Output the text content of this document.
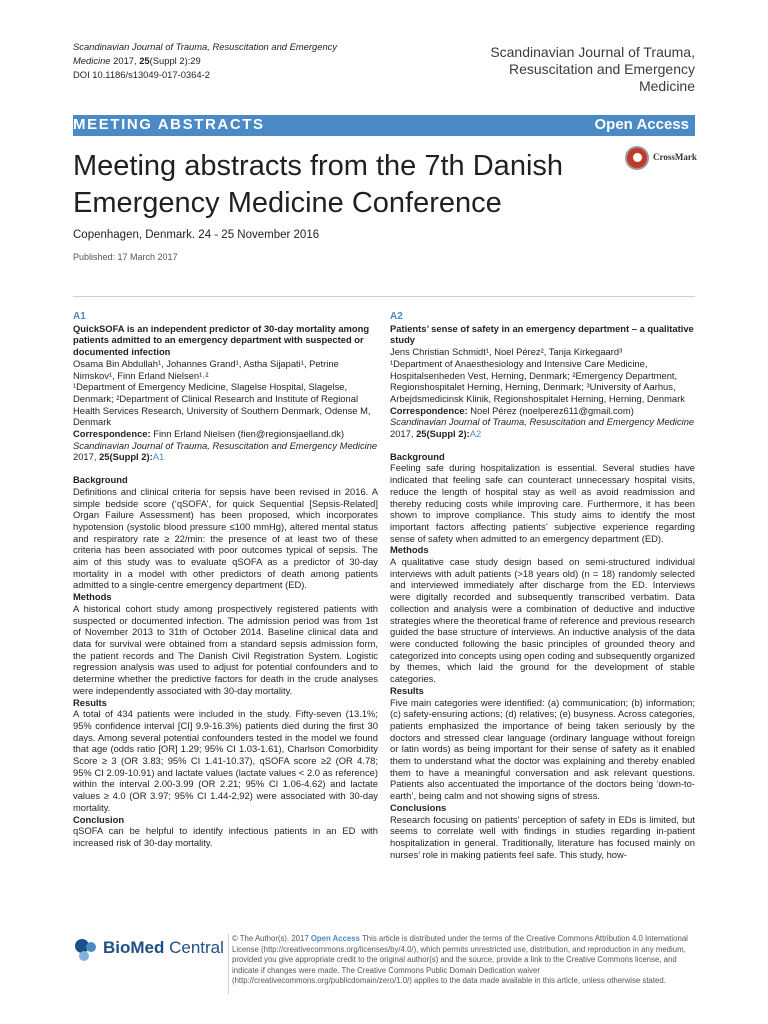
Scandinavian Journal of Trauma, Resuscitation and Emergency Medicine 2017, 25(Suppl 2):29
DOI 10.1186/s13049-017-0364-2
Scandinavian Journal of Trauma,
Resuscitation and Emergency Medicine
MEETING ABSTRACTS	Open Access
Meeting abstracts from the 7th Danish Emergency Medicine Conference
CrossMark
Copenhagen, Denmark. 24 - 25 November 2016
Published: 17 March 2017

A1

QuickSOFA is an independent predictor of 30-day mortality among patients admitted to an emergency department with suspected or documented infection

Osama Bin Abdullah¹, Johannes Grand¹, Astha Sijapati¹, Petrine Nimskov¹, Finn Erland Nielsen¹˒²

¹Department of Emergency Medicine, Slagelse Hospital, Slagelse, Denmark; ²Department of Clinical Research and Institute of Regional Health Services Research, University of Southern Denmark, Odense M, Denmark

Correspondence: Finn Erland Nielsen (fien@regionsjaelland.dk)

Scandinavian Journal of Trauma, Resuscitation and Emergency Medicine 2017, 25(Suppl 2):A1

Background

Definitions and clinical criteria for sepsis have been revised in 2016. A simple bedside score (‘qSOFA’, for quick Sequential [Sepsis-Related] Organ Failure Assessment) has been proposed, which incorporates hypotension (systolic blood pressure ≤100 mmHg), altered mental status and respiratory rate ≥ 22/min: the presence of at least two of these criteria has been associated with poor outcomes typical of sepsis. The aim of this study was to evaluate qSOFA as a predictor of 30-day mortality in a model with other predictors of death among patients admitted to a single-centre emergency department (ED).

Methods

A historical cohort study among prospectively registered patients with suspected or documented infection. The admission period was from 1st of November 2013 to 31th of October 2014. Baseline clinical data and data for survival were obtained from a standard sepsis admission form, the patient records and The Danish Civil Registration System. Logistic regression analysis was used to adjust for potential confounders and to determine whether the predictive factors for death in the crude analyses were independently associated with 30-day mortality.

Results

A total of 434 patients were included in the study. Fifty-seven (13.1%; 95% confidence interval [CI] 9.9-16.3%) patients died during the first 30 days. Among several potential confounders tested in the model we found that age (odds ratio [OR] 1.29; 95% CI 1.03-1.61), Charlson Comorbidity Score ≥ 3 (OR 3.83; 95% CI 1.41-10.37), qSOFA score ≥2 (OR 4.78; 95% CI 2.09-10.91) and lactate values (lactate values < 2.0 as reference) within the interval 2.00-3.99 (OR 2.21; 95% CI 1.06-4.62) and lactate values ≥ 4.0 (OR 3.97; 95% CI 1.44-2,92) were associated with 30-day mortality.

Conclusion

qSOFA can be helpful to identify infectious patients in an ED with increased risk of 30-day mortality.

A2

Patients’ sense of safety in an emergency department – a qualitative study

Jens Christian Schmidt¹, Noel Pérez², Tanja Kirkegaard³

¹Department of Anaesthesiology and Intensive Care Medicine, Hospitalsenheden Vest, Herning, Denmark; ²Emergency Department, Regionshospitalet Herning, Herning, Denmark; ³University of Aarhus, Arbejdsmedicinsk Klinik, Regionshospitalet Herning, Herning, Denmark

Correspondence: Noel Pérez (noelperez611@gmail.com)

Scandinavian Journal of Trauma, Resuscitation and Emergency Medicine 2017, 25(Suppl 2):A2

Background

Feeling safe during hospitalization is essential. Several studies have indicated that feeling safe can counteract unnecessary hospital visits, reduce the length of hospital stay as well as avoid readmission and thereby reducing costs while improving care. Furthermore, it has been shown to improve compliance. This study aims to identify the most important factors affecting patients’ subjective experience regarding sense of safety when admitted to an emergency department (ED).

Methods

A qualitative case study design based on semi-structured individual interviews with adult patients (>18 years old) (n = 18) randomly selected and interviewed immediately after discharge from the ED. Interviews were digitally recorded and subsequently transcribed verbatim. Data collection and analysis were a combination of deductive and inductive strategies where the theoretical frame of reference and previous research guided the base structure of interviews. An inductive analysis of the data were conducted following the basic principles of grounded theory and categorized into concepts using open coding and subsequently organized by themes, which laid the ground for the development of stable categories.

Results

Five main categories were identified: (a) communication; (b) information; (c) safety-ensuring actions; (d) relatives; (e) busyness. Across categories, patients emphasized the importance of being taken seriously by the doctors and stressed clear language (ordinary language without foreign or latin words) as being important for their sense of safety as it enabled them to understand what the doctor was explaining and thereby enabled them to have a meaningful conversation and ask relevant questions. Patients also accentuated the importance of the doctors being ‘down-to-earth’, being calm and not showing signs of stress.

Conclusions

Research focusing on patients’ perception of safety in EDs is limited, but seems to correlate well with findings in studies regarding in-patient hospitalization in general. Traditionally, literature has focused mainly on nurses’ role in making patients feel safe. This study, how-

BioMed Central © The Author(s). 2017 Open Access This article is distributed under the terms of the Creative Commons Attribution 4.0 International License (http://creativecommons.org/licenses/by/4.0/), which permits unrestricted use, distribution, and reproduction in any medium, provided you give appropriate credit to the original author(s) and the source, provide a link to the Creative Commons license, and indicate if changes were made. The Creative Commons Public Domain Dedication waiver (http://creativecommons.org/publicdomain/zero/1.0/) applies to the data made available in this article, unless otherwise stated.
